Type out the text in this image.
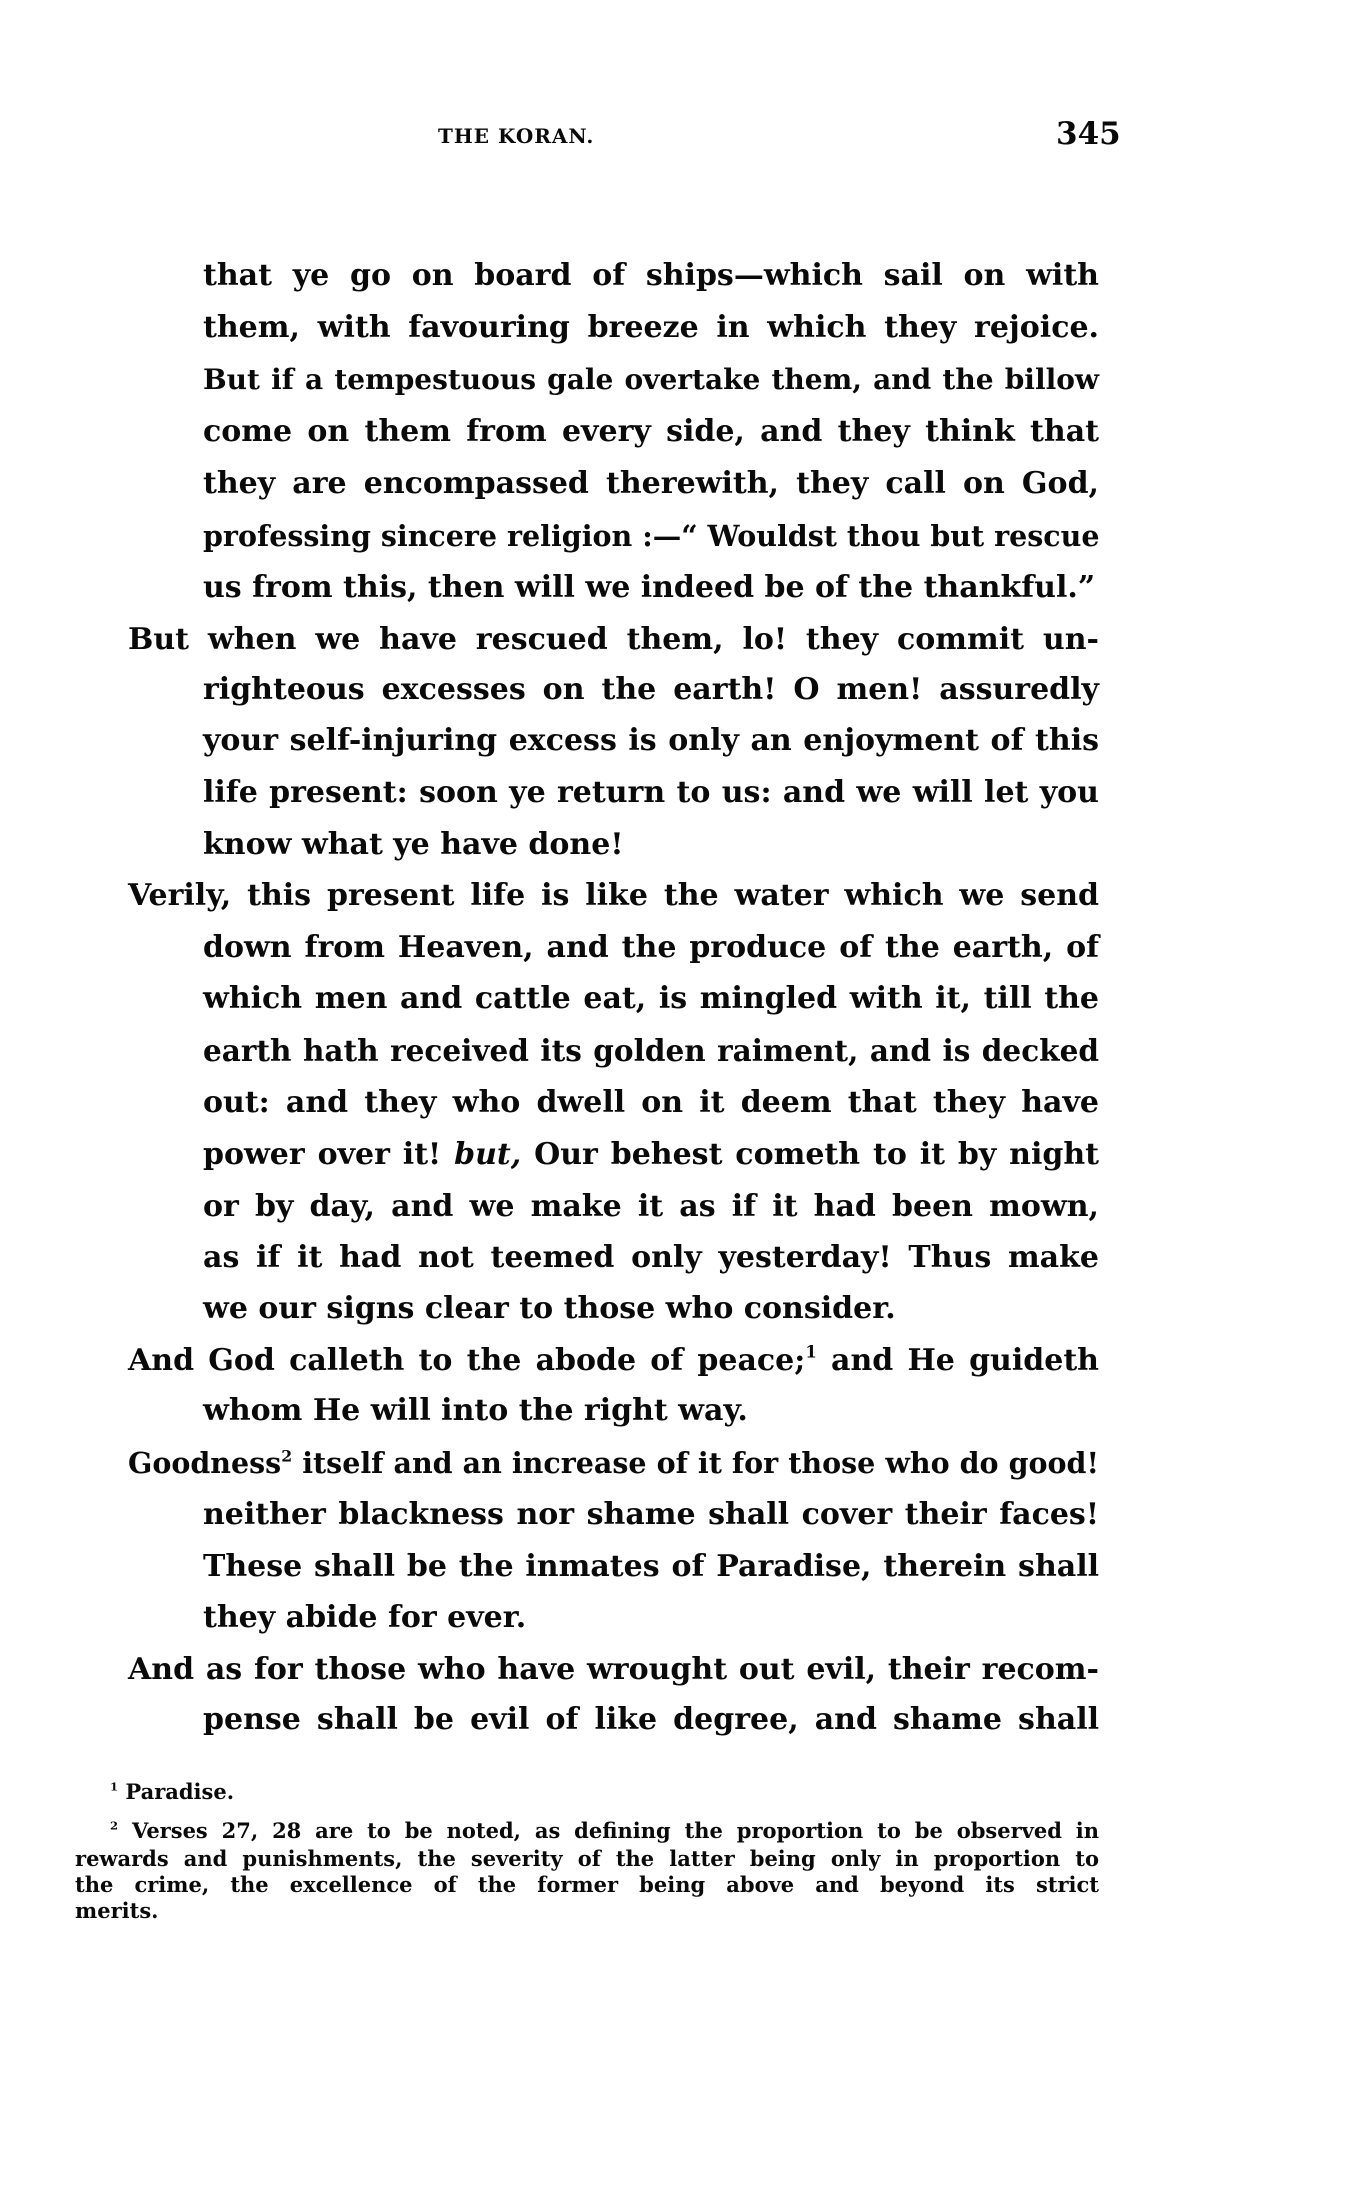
THE KORAN.	345
that ye go on board of ships—which sail on with
them, with favouring breeze in which they rejoice.
But if a tempestuous gale overtake them, and the billow
come on them from every side, and they think that
they are encompassed therewith, they call on God,
professing sincere religion :—“ Wouldst thou but rescue
us from this, then will we indeed be of the thankful.”
But when we have rescued them, lo! they commit un-
righteous excesses on the earth! O men! assuredly
your self-injuring excess is only an enjoyment of this
life present: soon ye return to us: and we will let you
know what ye have done!
Verily, this present life is like the water which we send
down from Heaven, and the produce of the earth, of
which men and cattle eat, is mingled with it, till the
earth hath received its golden raiment, and is decked
out: and they who dwell on it deem that they have
power over it! but, Our behest cometh to it by night
or by day, and we make it as if it had been mown,
as if it had not teemed only yesterday! Thus make
we our signs clear to those who consider.
And God calleth to the abode of peace;$^1$ and He guideth
whom He will into the right way.
Goodness$^2$ itself and an increase of it for those who do good!
neither blackness nor shame shall cover their faces!
These shall be the inmates of Paradise, therein shall
they abide for ever.
And as for those who have wrought out evil, their recom-
pense shall be evil of like degree, and shame shall
$^1$ Paradise.
$^2$ Verses 27, 28 are to be noted, as defining the proportion to be observed in
rewards and punishments, the severity of the latter being only in proportion to
the crime, the excellence of the former being above and beyond its strict
merits.
